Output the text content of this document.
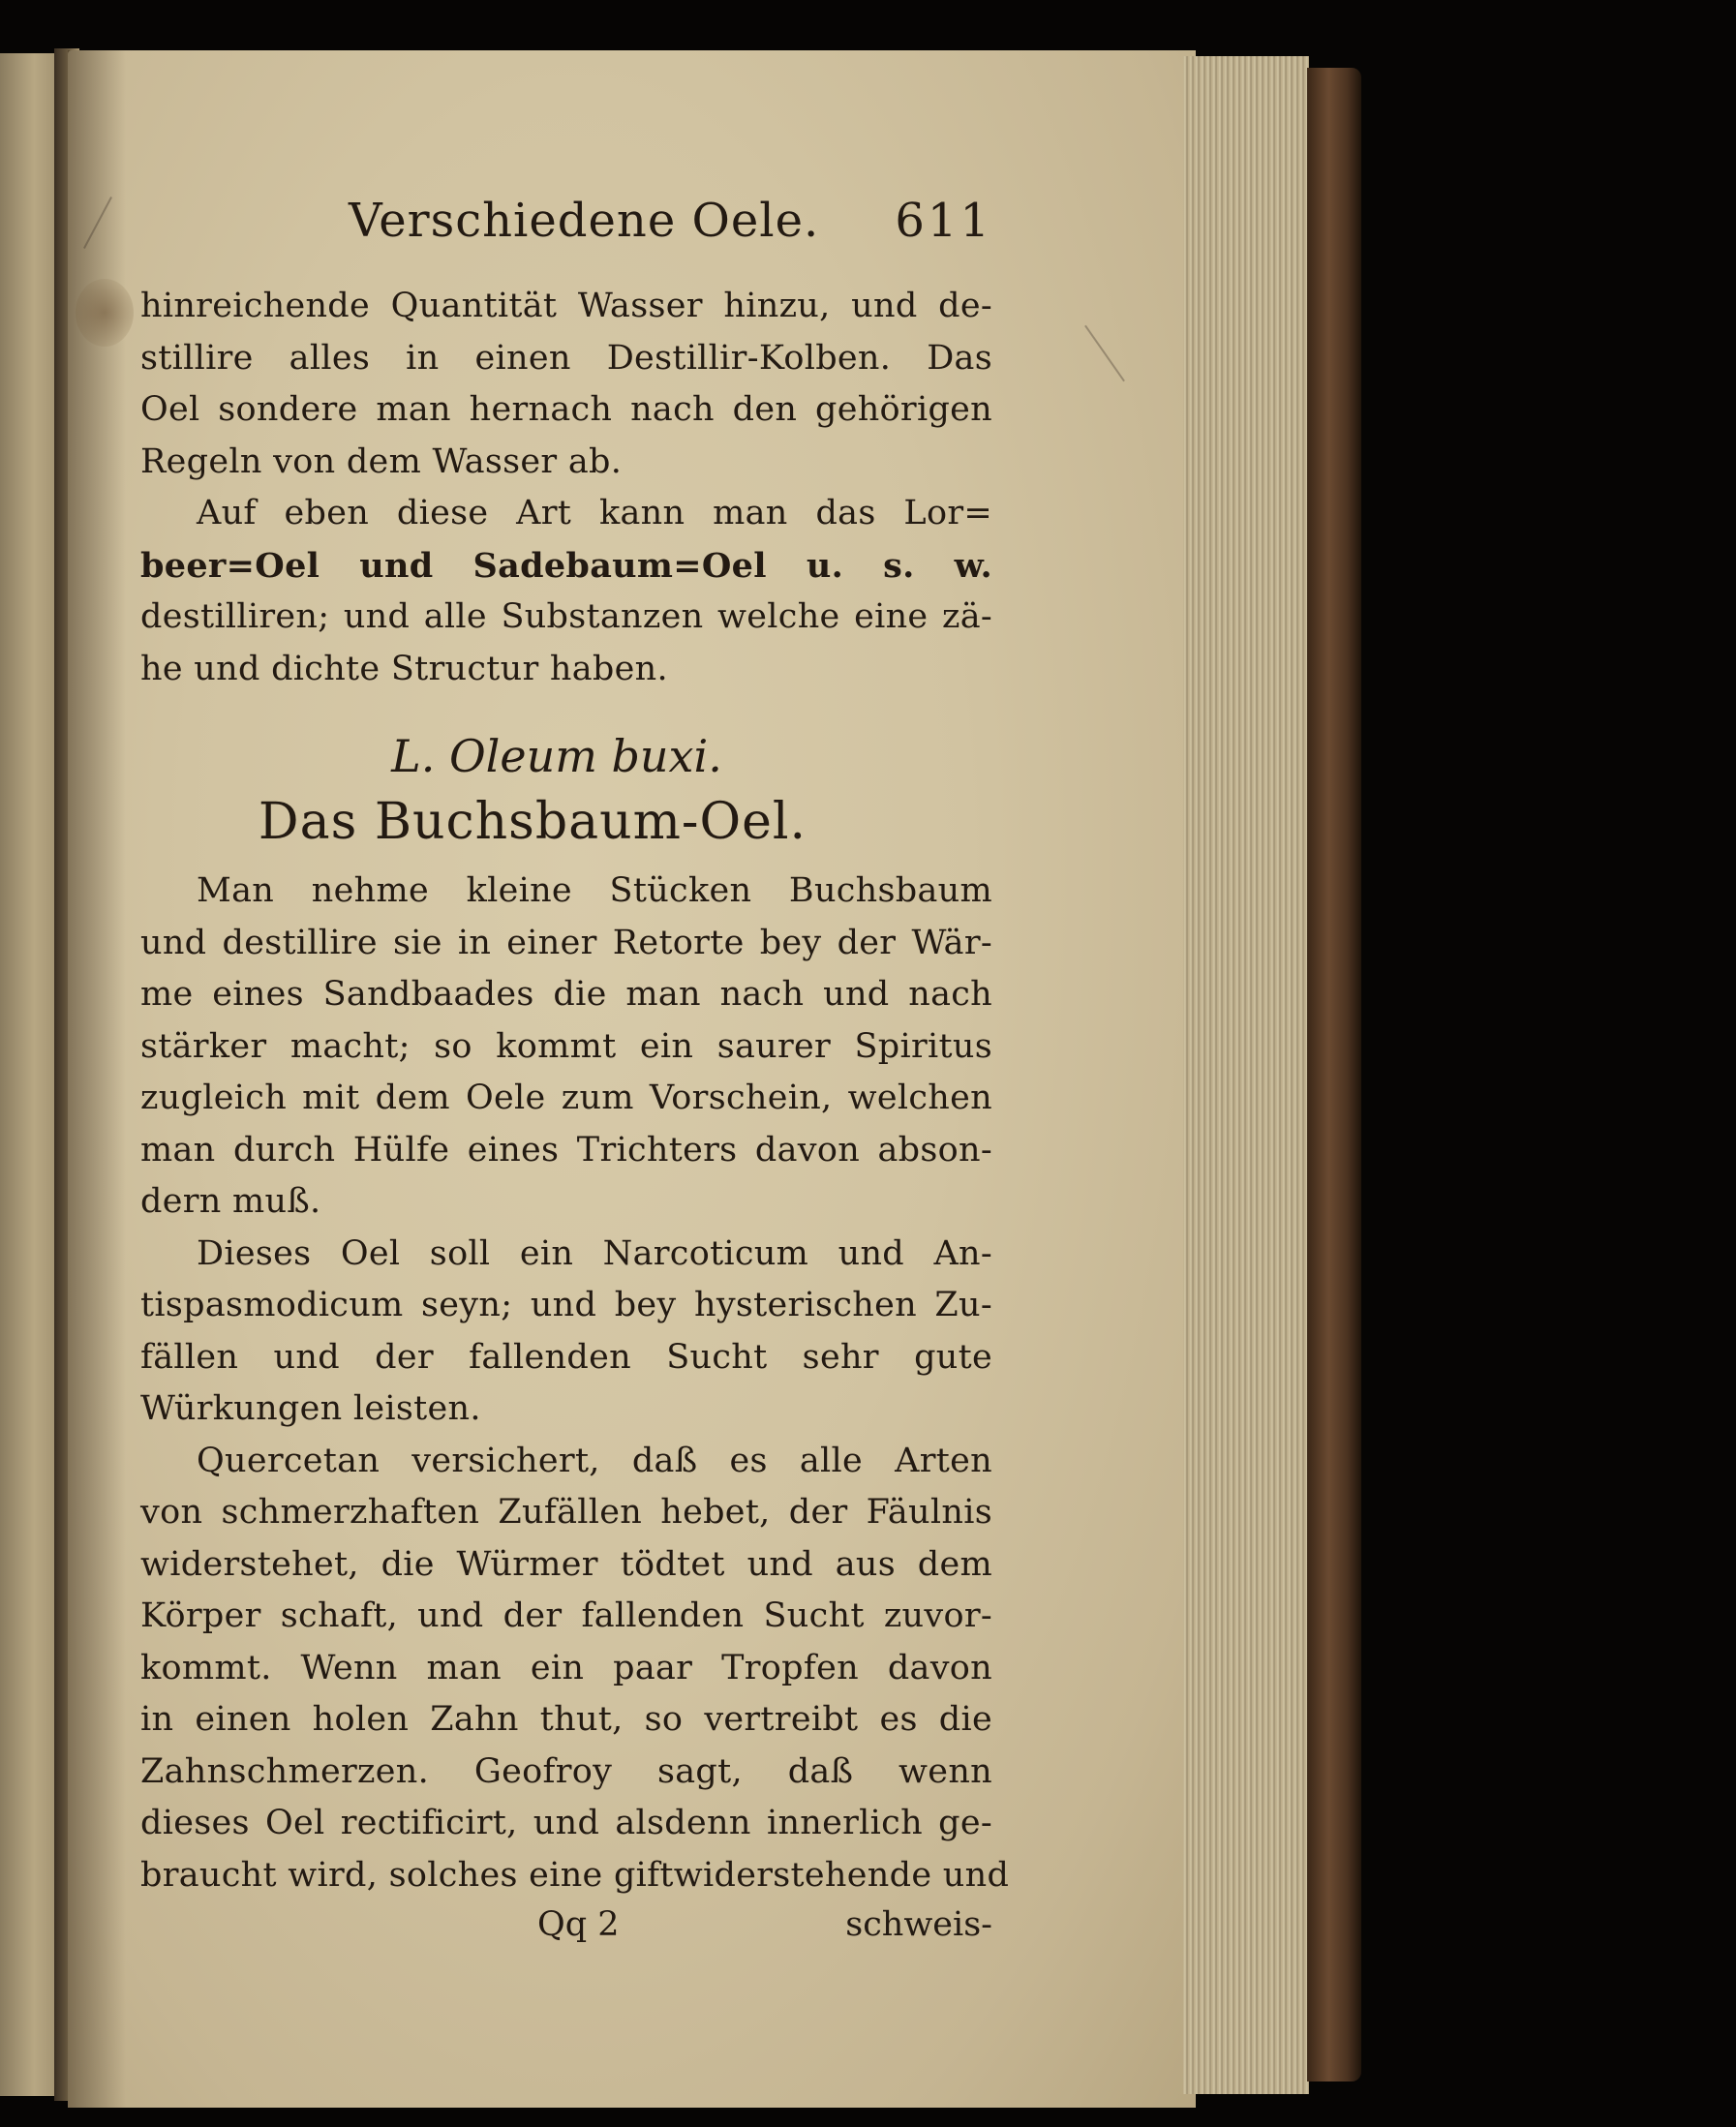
Verschiedene Oele. 611
hinreichende Quantität Wasser hinzu, und de-
stillire alles in einen Destillir-Kolben. Das
Oel sondere man hernach nach den gehörigen
Regeln von dem Wasser ab.
Auf eben diese Art kann man das Lor=
beer=Oel und Sadebaum=Oel u. s. w.
destilliren; und alle Substanzen welche eine zä-
he und dichte Structur haben.
L. Oleum buxi.
Das Buchsbaum-Oel.
Man nehme kleine Stücken Buchsbaum
und destillire sie in einer Retorte bey der Wär-
me eines Sandbaades die man nach und nach
stärker macht; so kommt ein saurer Spiritus
zugleich mit dem Oele zum Vorschein, welchen
man durch Hülfe eines Trichters davon abson-
dern muß.
Dieses Oel soll ein Narcoticum und An-
tispasmodicum seyn; und bey hysterischen Zu-
fällen und der fallenden Sucht sehr gute
Würkungen leisten.
Quercetan versichert, daß es alle Arten
von schmerzhaften Zufällen hebet, der Fäulnis
widerstehet, die Würmer tödtet und aus dem
Körper schaft, und der fallenden Sucht zuvor-
kommt. Wenn man ein paar Tropfen davon
in einen holen Zahn thut, so vertreibt es die
Zahnschmerzen. Geofroy sagt, daß wenn
dieses Oel rectificirt, und alsdenn innerlich ge-
braucht wird, solches eine giftwiderstehende und
Qq 2	schweis-
